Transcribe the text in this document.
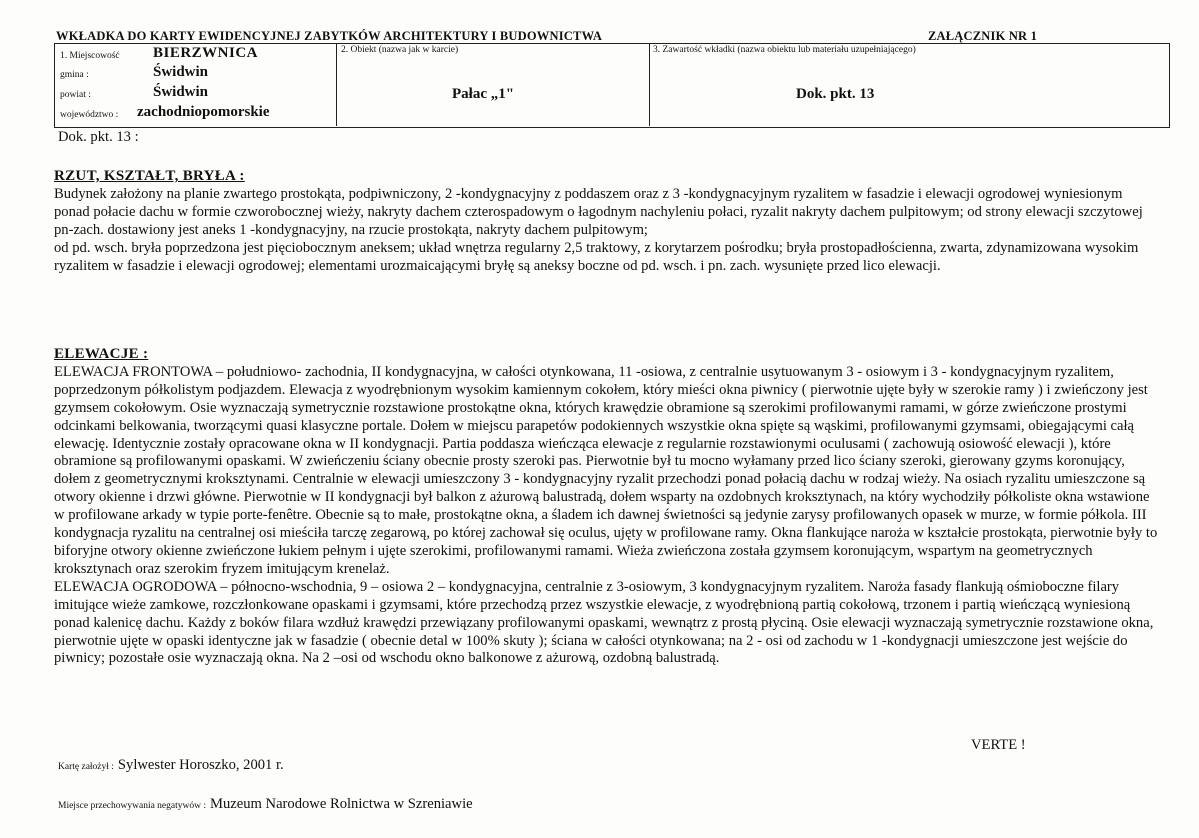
WKŁADKA DO KARTY EWIDENCYJNEJ ZABYTKÓW ARCHITEKTURY I BUDOWNICTWA	ZAŁĄCZNIK NR 1
1. Miejscowość BIERZWNICA
gmina :	Świdwin
powiat :	Świdwin
województwo : zachodniopomorskie
2. Obiekt (nazwa jak w karcie)
Pałac „1"
3. Zawartość wkładki (nazwa obiektu lub materiału uzupełniającego)
Dok. pkt. 13
Dok. pkt. 13 :
RZUT, KSZTAŁT, BRYŁA :

Budynek założony na planie zwartego prostokąta, podpiwniczony, 2 -kondygnacyjny z poddaszem oraz z 3 -kondygnacyjnym ryzalitem w fasadzie i elewacji ogrodowej wyniesionym ponad połacie dachu w formie czworobocznej wieży, nakryty dachem czterospadowym o łagodnym nachyleniu połaci, ryzalit nakryty dachem pulpitowym; od strony elewacji szczytowej pn-zach. dostawiony jest aneks 1 -kondygnacyjny, na rzucie prostokąta, nakryty dachem pulpitowym;

od pd. wsch. bryła poprzedzona jest pięciobocznym aneksem; układ wnętrza regularny 2,5 traktowy, z korytarzem pośrodku; bryła prostopadłościenna, zwarta, zdynamizowana wysokim ryzalitem w fasadzie i elewacji ogrodowej; elementami urozmaicającymi bryłę są aneksy boczne od pd. wsch. i pn. zach. wysunięte przed lico elewacji.

ELEWACJE :

ELEWACJA FRONTOWA – południowo- zachodnia, II kondygnacyjna, w całości otynkowana, 11 -osiowa, z centralnie usytuowanym 3 - osiowym i 3 - kondygnacyjnym ryzalitem, poprzedzonym półkolistym podjazdem. Elewacja z wyodrębnionym wysokim kamiennym cokołem, który mieści okna piwnicy ( pierwotnie ujęte były w szerokie ramy ) i zwieńczony jest gzymsem cokołowym. Osie wyznaczają symetrycznie rozstawione prostokątne okna, których krawędzie obramione są szerokimi profilowanymi ramami, w górze zwieńczone prostymi odcinkami belkowania, tworzącymi quasi klasyczne portale. Dołem w miejscu parapetów podokiennych wszystkie okna spięte są wąskimi, profilowanymi gzymsami, obiegającymi całą elewację. Identycznie zostały opracowane okna w II kondygnacji. Partia poddasza wieńcząca elewacje z regularnie rozstawionymi oculusami ( zachowują osiowość elewacji ), które obramione są profilowanymi opaskami. W zwieńczeniu ściany obecnie prosty szeroki pas. Pierwotnie był tu mocno wyłamany przed lico ściany szeroki, gierowany gzyms koronujący, dołem z geometrycznymi kroksztynami. Centralnie w elewacji umieszczony 3 - kondygnacyjny ryzalit przechodzi ponad połacią dachu w rodzaj wieży. Na osiach ryzalitu umieszczone są otwory okienne i drzwi główne. Pierwotnie w II kondygnacji był balkon z ażurową balustradą, dołem wsparty na ozdobnych kroksztynach, na który wychodziły półkoliste okna wstawione w profilowane arkady w typie porte-fenêtre. Obecnie są to małe, prostokątne okna, a śladem ich dawnej świetności są jedynie zarysy profilowanych opasek w murze, w formie półkola. III kondygnacja ryzalitu na centralnej osi mieściła tarczę zegarową, po której zachował się oculus, ujęty w profilowane ramy. Okna flankujące naroża w kształcie prostokąta, pierwotnie były to biforyjne otwory okienne zwieńczone łukiem pełnym i ujęte szerokimi, profilowanymi ramami. Wieża zwieńczona została gzymsem koronującym, wspartym na geometrycznych kroksztynach oraz szerokim fryzem imitującym krenelaż.

ELEWACJA OGRODOWA – północno-wschodnia, 9 – osiowa 2 – kondygnacyjna, centralnie z 3-osiowym, 3 kondygnacyjnym ryzalitem. Naroża fasady flankują ośmioboczne filary imitujące wieże zamkowe, rozczłonkowane opaskami i gzymsami, które przechodzą przez wszystkie elewacje, z wyodrębnioną partią cokołową, trzonem i partią wieńczącą wyniesioną ponad kalenicę dachu. Każdy z boków filara wzdłuż krawędzi przewiązany profilowanymi opaskami, wewnątrz z prostą płyciną. Osie elewacji wyznaczają symetrycznie rozstawione okna, pierwotnie ujęte w opaski identyczne jak w fasadzie ( obecnie detal w 100% skuty ); ściana w całości otynkowana; na 2 - osi od zachodu w 1 -kondygnacji umieszczone jest wejście do piwnicy; pozostałe osie wyznaczają okna. Na 2 –osi od wschodu okno balkonowe z ażurową, ozdobną balustradą.

VERTE !
Kartę założył : Sylwester Horoszko, 2001 r.
Miejsce przechowywania negatywów : Muzeum Narodowe Rolnictwa w Szreniawie
